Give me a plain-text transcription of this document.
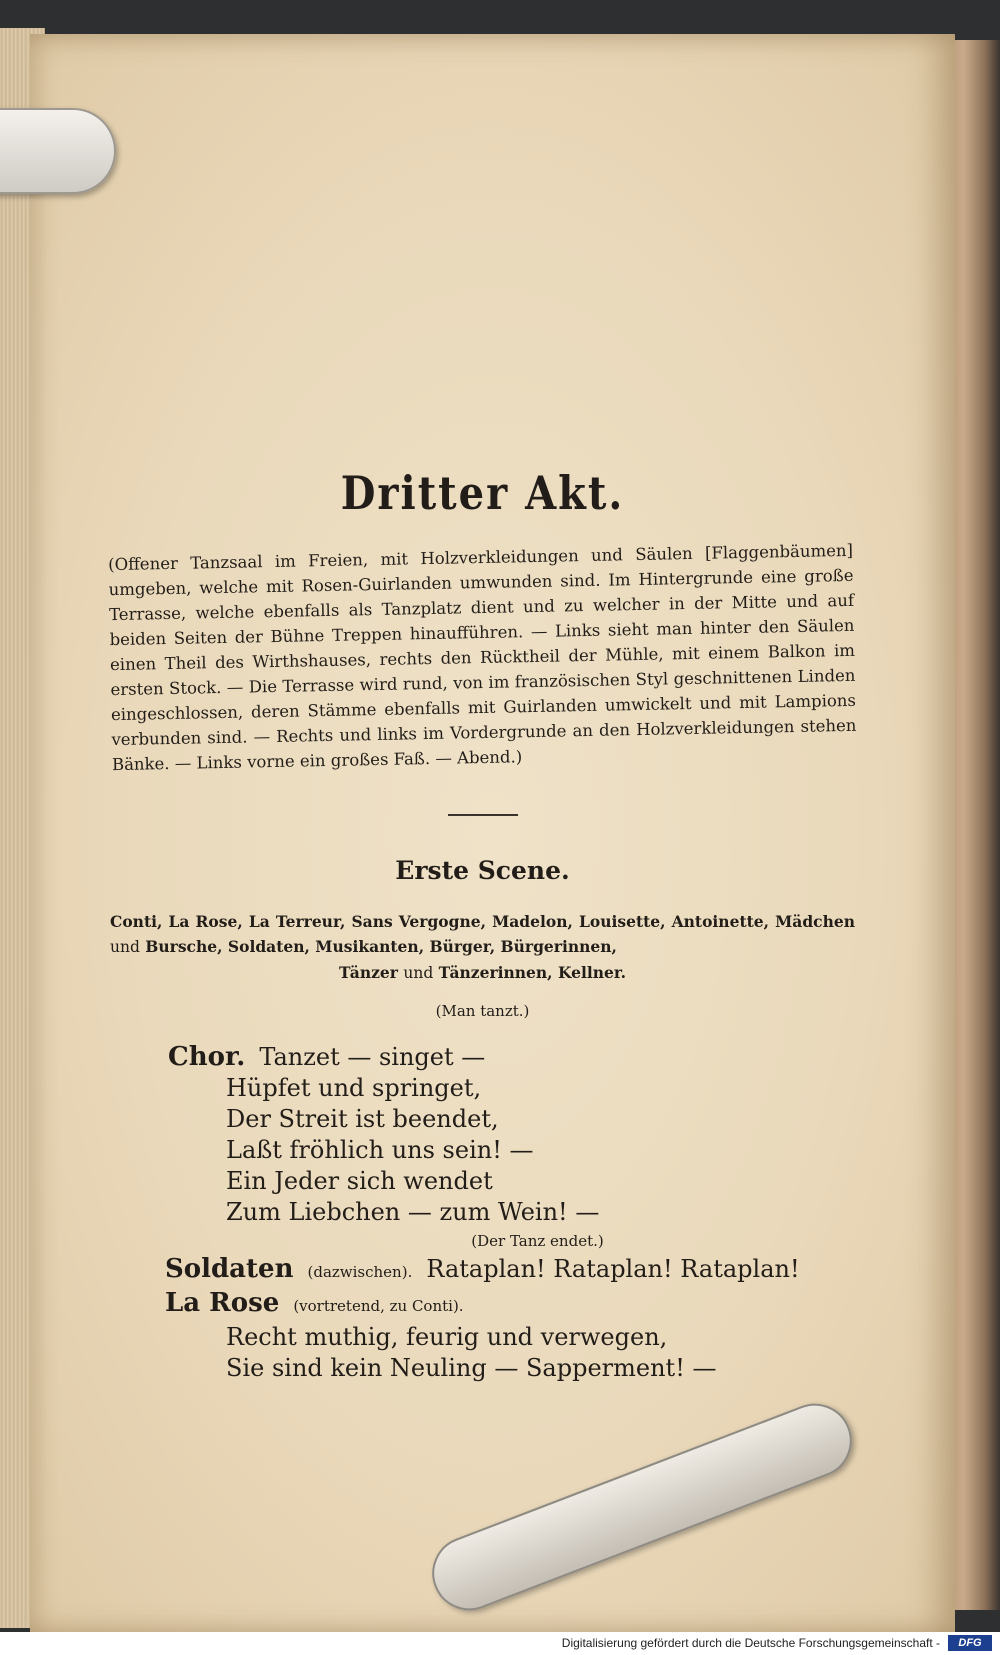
Dritter Akt.

(Offener Tanzsaal im Freien, mit Holzverkleidungen und Säulen [Flaggenbäumen] umgeben, welche mit Rosen-Guirlanden umwunden sind. Im Hintergrunde eine große Terrasse, welche ebenfalls als Tanzplatz dient und zu welcher in der Mitte und auf beiden Seiten der Bühne Treppen hinaufführen. — Links sieht man hinter den Säulen einen Theil des Wirthshauses, rechts den Rücktheil der Mühle, mit einem Balkon im ersten Stock. — Die Terrasse wird rund, von im französischen Styl geschnittenen Linden eingeschlossen, deren Stämme ebenfalls mit Guirlanden umwickelt und mit Lampions verbunden sind. — Rechts und links im Vordergrunde an den Holzverkleidungen stehen Bänke. — Links vorne ein großes Faß. — Abend.)

Erste Scene.

Conti, La Rose, La Terreur, Sans Vergogne, Madelon, Louisette, Antoinette, Mädchen und Bursche, Soldaten, Musikanten, Bürger, Bürgerinnen,

Tänzer und Tänzerinnen, Kellner.
(Man tanzt.)
Chor. Tanzet — singet —
Hüpfet und springet,
Der Streit ist beendet,
Laßt fröhlich uns sein! —
Ein Jeder sich wendet
Zum Liebchen — zum Wein! —
(Der Tanz endet.)
Soldaten (dazwischen). Rataplan! Rataplan! Rataplan!
La Rose (vortretend, zu Conti).
Recht muthig, feurig und verwegen,
Sie sind kein Neuling — Sapperment! —
Digitalisierung gefördert durch die Deutsche Forschungsgemeinschaft -	DFG
